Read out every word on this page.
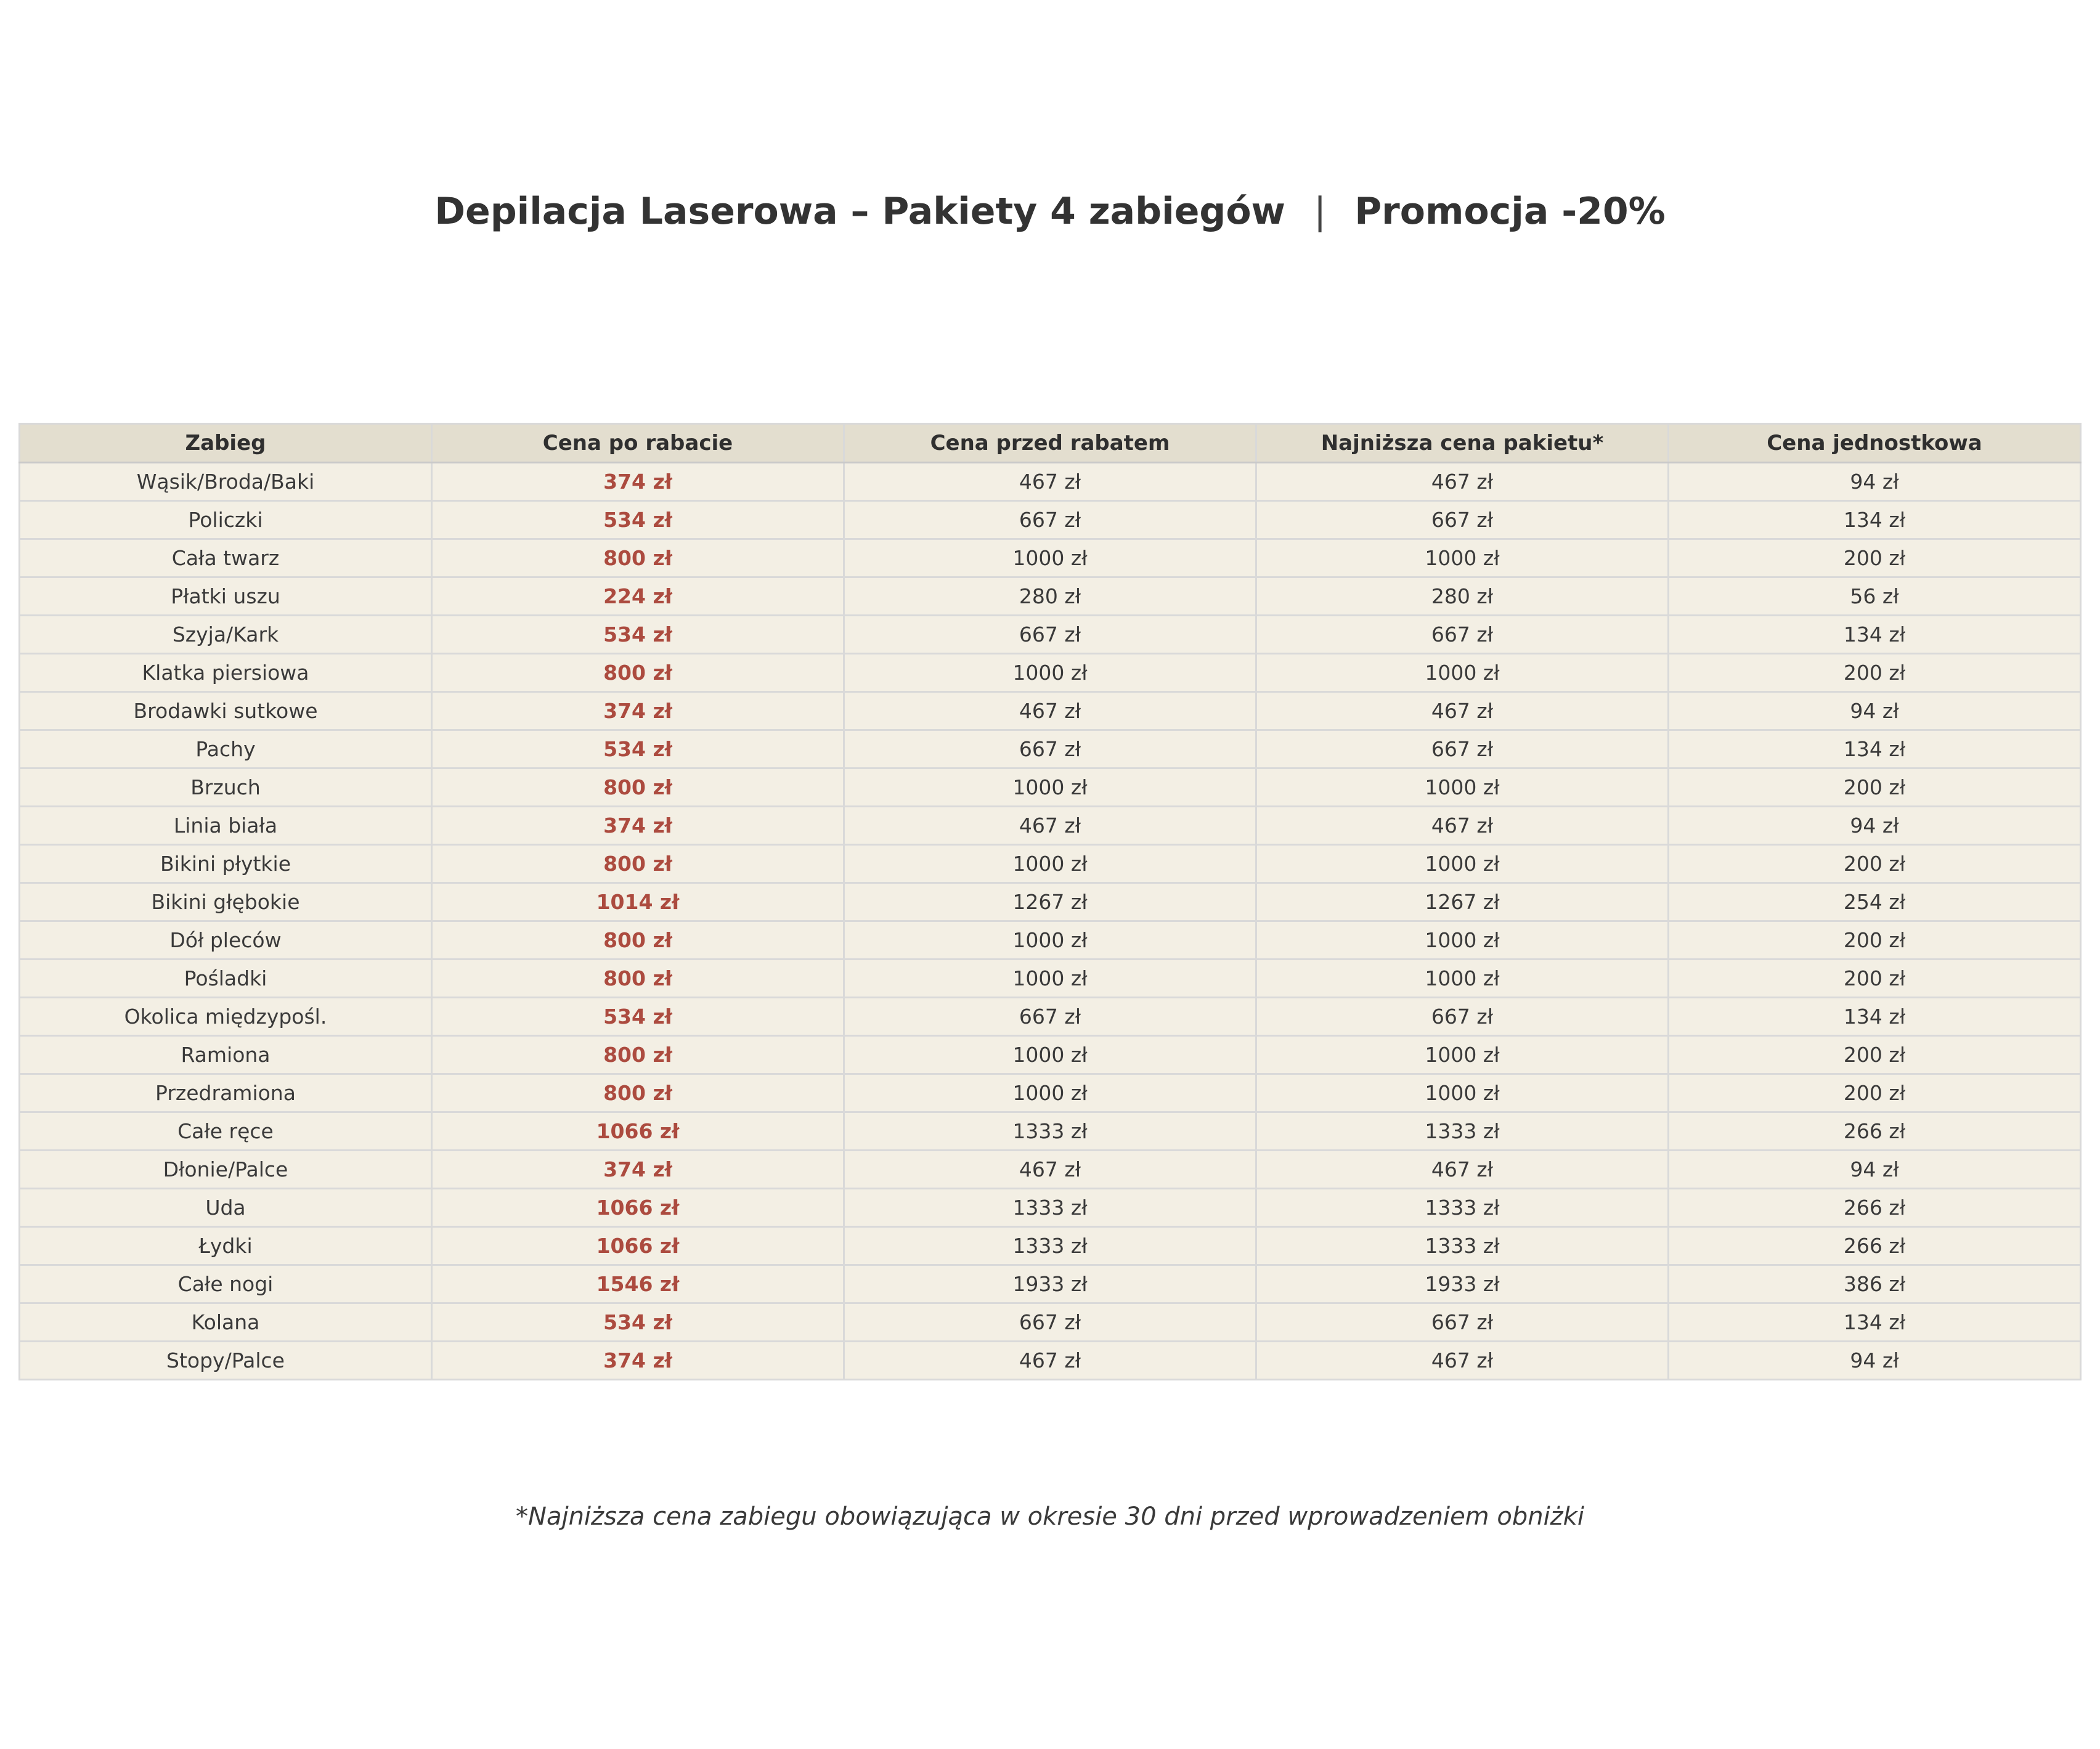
Depilacja Laserowa – Pakiety 4 zabiegów | Promocja -20%
Zabieg	Cena po rabacie	Cena przed rabatem	Najniższa cena pakietu*	Cena jednostkowa
Wąsik/Broda/Baki	374 zł	467 zł	467 zł	94 zł
Policzki	534 zł	667 zł	667 zł	134 zł
Cała twarz	800 zł	1000 zł	1000 zł	200 zł
Płatki uszu	224 zł	280 zł	280 zł	56 zł
Szyja/Kark	534 zł	667 zł	667 zł	134 zł
Klatka piersiowa	800 zł	1000 zł	1000 zł	200 zł
Brodawki sutkowe	374 zł	467 zł	467 zł	94 zł
Pachy	534 zł	667 zł	667 zł	134 zł
Brzuch	800 zł	1000 zł	1000 zł	200 zł
Linia biała	374 zł	467 zł	467 zł	94 zł
Bikini płytkie	800 zł	1000 zł	1000 zł	200 zł
Bikini głębokie	1014 zł	1267 zł	1267 zł	254 zł
Dół pleców	800 zł	1000 zł	1000 zł	200 zł
Pośladki	800 zł	1000 zł	1000 zł	200 zł
Okolica międzypośl.	534 zł	667 zł	667 zł	134 zł
Ramiona	800 zł	1000 zł	1000 zł	200 zł
Przedramiona	800 zł	1000 zł	1000 zł	200 zł
Całe ręce	1066 zł	1333 zł	1333 zł	266 zł
Dłonie/Palce	374 zł	467 zł	467 zł	94 zł
Uda	1066 zł	1333 zł	1333 zł	266 zł
Łydki	1066 zł	1333 zł	1333 zł	266 zł
Całe nogi	1546 zł	1933 zł	1933 zł	386 zł
Kolana	534 zł	667 zł	667 zł	134 zł
Stopy/Palce	374 zł	467 zł	467 zł	94 zł
*Najniższa cena zabiegu obowiązująca w okresie 30 dni przed wprowadzeniem obniżki
